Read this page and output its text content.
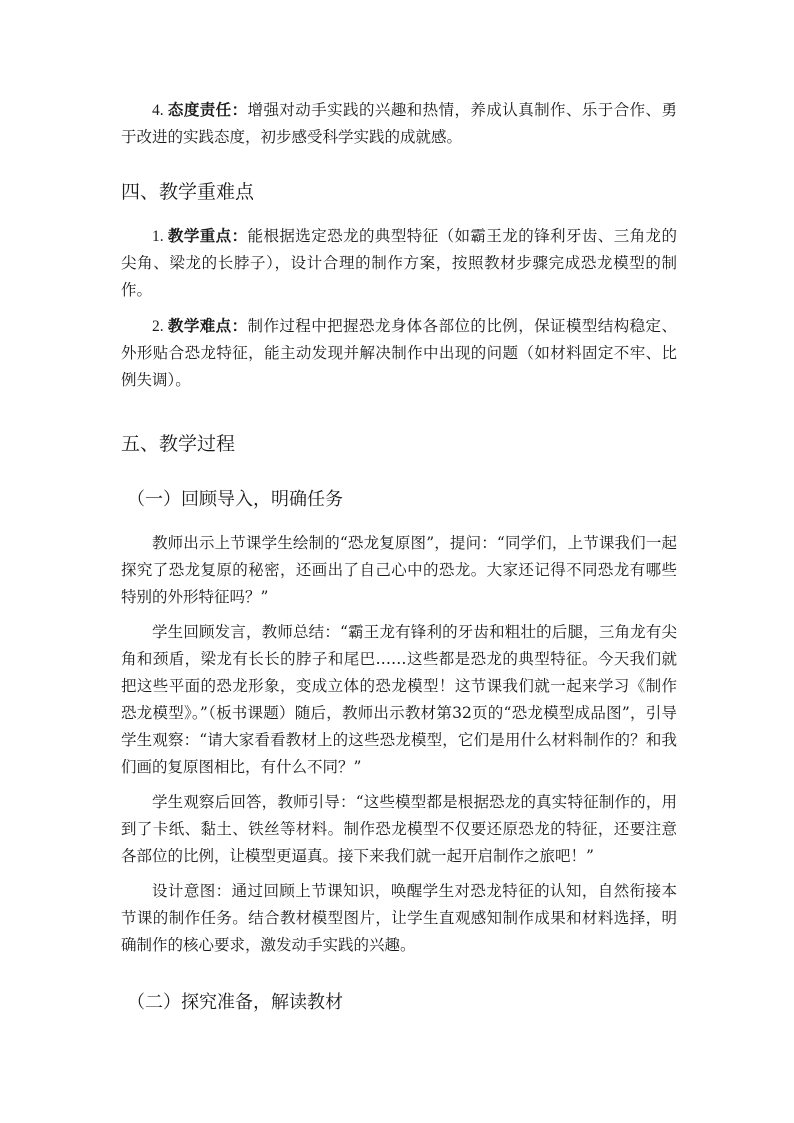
4. 态度责任：增强对动手实践的兴趣和热情，养成认真制作、乐于合作、勇于改进的实践态度，初步感受科学实践的成就感。

四、教学重难点

1. 教学重点：能根据选定恐龙的典型特征（如霸王龙的锋利牙齿、三角龙的尖角、梁龙的长脖子），设计合理的制作方案，按照教材步骤完成恐龙模型的制作。

2. 教学难点：制作过程中把握恐龙身体各部位的比例，保证模型结构稳定、外形贴合恐龙特征，能主动发现并解决制作中出现的问题（如材料固定不牢、比例失调）。

五、教学过程
（一）回顾导入，明确任务

教师出示上节课学生绘制的“恐龙复原图”，提问：“同学们，上节课我们一起探究了恐龙复原的秘密，还画出了自己心中的恐龙。大家还记得不同恐龙有哪些特别的外形特征吗？”

学生回顾发言，教师总结：“霸王龙有锋利的牙齿和粗壮的后腿，三角龙有尖角和颈盾，梁龙有长长的脖子和尾巴……这些都是恐龙的典型特征。今天我们就把这些平面的恐龙形象，变成立体的恐龙模型！这节课我们就一起来学习《制作恐龙模型》。”（板书课题）随后，教师出示教材第32页的“恐龙模型成品图”，引导学生观察：“请大家看看教材上的这些恐龙模型，它们是用什么材料制作的？和我们画的复原图相比，有什么不同？”

学生观察后回答，教师引导：“这些模型都是根据恐龙的真实特征制作的，用到了卡纸、黏土、铁丝等材料。制作恐龙模型不仅要还原恐龙的特征，还要注意各部位的比例，让模型更逼真。接下来我们就一起开启制作之旅吧！”

设计意图：通过回顾上节课知识，唤醒学生对恐龙特征的认知，自然衔接本节课的制作任务。结合教材模型图片，让学生直观感知制作成果和材料选择，明确制作的核心要求，激发动手实践的兴趣。

（二）探究准备，解读教材
